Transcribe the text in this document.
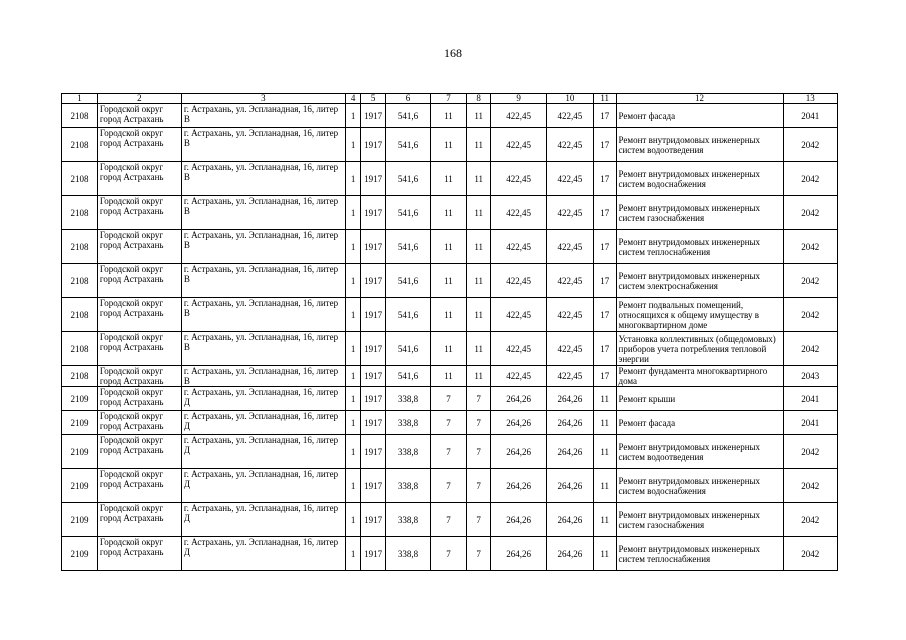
168
1	2	3	4	5	6	7	8	9	10	11	12	13
2108	Городской округ город Астрахань	г. Астрахань, ул. Эспланадная, 16, литер В	1	1917	541,6	11	11	422,45	422,45	17	Ремонт фасада	2041
2108	Городской округ город Астрахань	г. Астрахань, ул. Эспланадная, 16, литер В	1	1917	541,6	11	11	422,45	422,45	17	Ремонт внутридомовых инженерных систем водоотведения	2042
2108	Городской округ город Астрахань	г. Астрахань, ул. Эспланадная, 16, литер В	1	1917	541,6	11	11	422,45	422,45	17	Ремонт внутридомовых инженерных систем водоснабжения	2042
2108	Городской округ город Астрахань	г. Астрахань, ул. Эспланадная, 16, литер В	1	1917	541,6	11	11	422,45	422,45	17	Ремонт внутридомовых инженерных систем газоснабжения	2042
2108	Городской округ город Астрахань	г. Астрахань, ул. Эспланадная, 16, литер В	1	1917	541,6	11	11	422,45	422,45	17	Ремонт внутридомовых инженерных систем теплоснабжения	2042
2108	Городской округ город Астрахань	г. Астрахань, ул. Эспланадная, 16, литер В	1	1917	541,6	11	11	422,45	422,45	17	Ремонт внутридомовых инженерных систем электроснабжения	2042
2108	Городской округ город Астрахань	г. Астрахань, ул. Эспланадная, 16, литер В	1	1917	541,6	11	11	422,45	422,45	17	Ремонт подвальных помещений, относящихся к общему имуществу в многоквартирном доме	2042
2108	Городской округ город Астрахань	г. Астрахань, ул. Эспланадная, 16, литер В	1	1917	541,6	11	11	422,45	422,45	17	Установка коллективных (общедомовых) приборов учета потребления тепловой энергии	2042
2108	Городской округ город Астрахань	г. Астрахань, ул. Эспланадная, 16, литер В	1	1917	541,6	11	11	422,45	422,45	17	Ремонт фундамента многоквартирного дома	2043
2109	Городской округ город Астрахань	г. Астрахань, ул. Эспланадная, 16, литер Д	1	1917	338,8	7	7	264,26	264,26	11	Ремонт крыши	2041
2109	Городской округ город Астрахань	г. Астрахань, ул. Эспланадная, 16, литер Д	1	1917	338,8	7	7	264,26	264,26	11	Ремонт фасада	2041
2109	Городской округ город Астрахань	г. Астрахань, ул. Эспланадная, 16, литер Д	1	1917	338,8	7	7	264,26	264,26	11	Ремонт внутридомовых инженерных систем водоотведения	2042
2109	Городской округ город Астрахань	г. Астрахань, ул. Эспланадная, 16, литер Д	1	1917	338,8	7	7	264,26	264,26	11	Ремонт внутридомовых инженерных систем водоснабжения	2042
2109	Городской округ город Астрахань	г. Астрахань, ул. Эспланадная, 16, литер Д	1	1917	338,8	7	7	264,26	264,26	11	Ремонт внутридомовых инженерных систем газоснабжения	2042
2109	Городской округ город Астрахань	г. Астрахань, ул. Эспланадная, 16, литер Д	1	1917	338,8	7	7	264,26	264,26	11	Ремонт внутридомовых инженерных систем теплоснабжения	2042
